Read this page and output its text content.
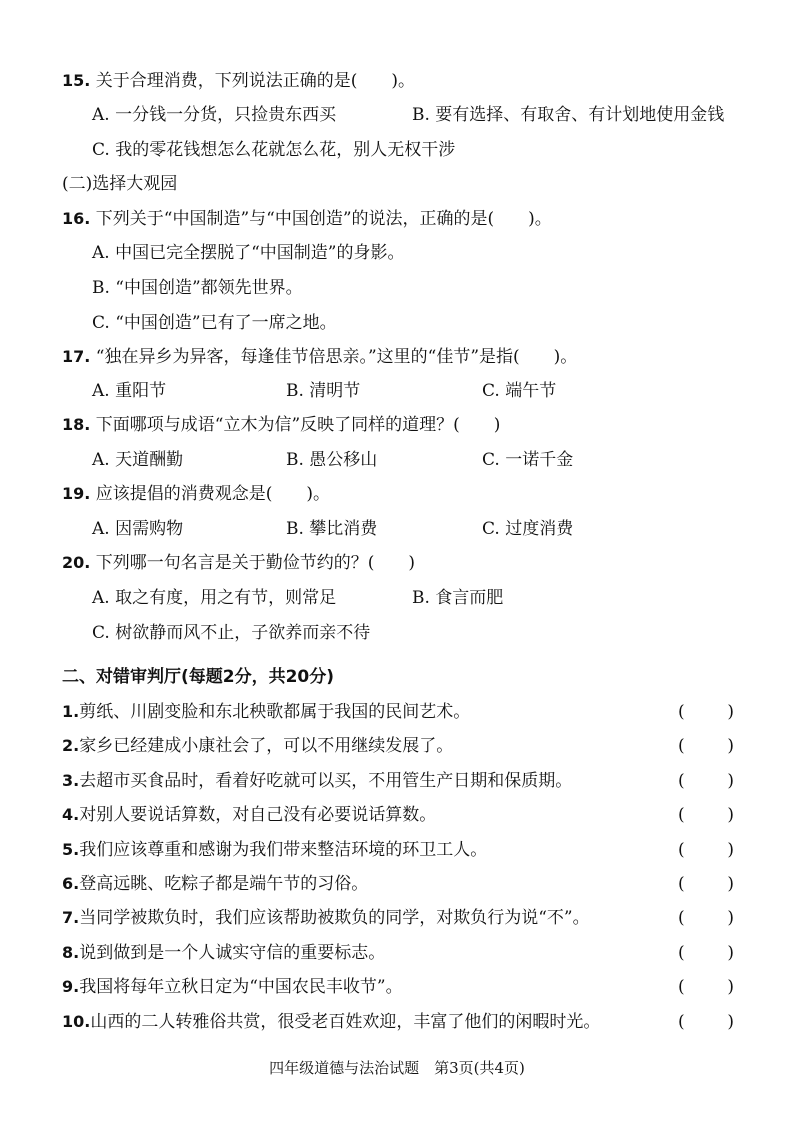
15. 关于合理消费，下列说法正确的是(　　)。
A. 一分钱一分货，只捡贵东西买	B. 要有选择、有取舍、有计划地使用金钱
C. 我的零花钱想怎么花就怎么花，别人无权干涉
(二)选择大观园
16. 下列关于“中国制造”与“中国创造”的说法，正确的是(　　)。
A. 中国已完全摆脱了“中国制造”的身影。
B. “中国创造”都领先世界。
C. “中国创造”已有了一席之地。
17. “独在异乡为异客，每逢佳节倍思亲。”这里的“佳节”是指(　　)。
A. 重阳节	B. 清明节	C. 端午节
18. 下面哪项与成语“立木为信”反映了同样的道理？(　　)
A. 天道酬勤	B. 愚公移山	C. 一诺千金
19. 应该提倡的消费观念是(　　)。
A. 因需购物	B. 攀比消费	C. 过度消费
20. 下列哪一句名言是关于勤俭节约的？(　　)
A. 取之有度，用之有节，则常足	B. 食言而肥
C. 树欲静而风不止，子欲养而亲不待
二、对错审判厅(每题2分，共20分)
1.剪纸、川剧变脸和东北秧歌都属于我国的民间艺术。	(	)
2.家乡已经建成小康社会了，可以不用继续发展了。	(	)
3.去超市买食品时，看着好吃就可以买，不用管生产日期和保质期。	(	)
4.对别人要说话算数，对自己没有必要说话算数。	(	)
5.我们应该尊重和感谢为我们带来整洁环境的环卫工人。	(	)
6.登高远眺、吃粽子都是端午节的习俗。	(	)
7.当同学被欺负时，我们应该帮助被欺负的同学，对欺负行为说“不”。	(	)
8.说到做到是一个人诚实守信的重要标志。	(	)
9.我国将每年立秋日定为“中国农民丰收节”。	(	)
10.山西的二人转雅俗共赏，很受老百姓欢迎，丰富了他们的闲暇时光。	(	)
四年级道德与法治试题　第3页(共4页)
